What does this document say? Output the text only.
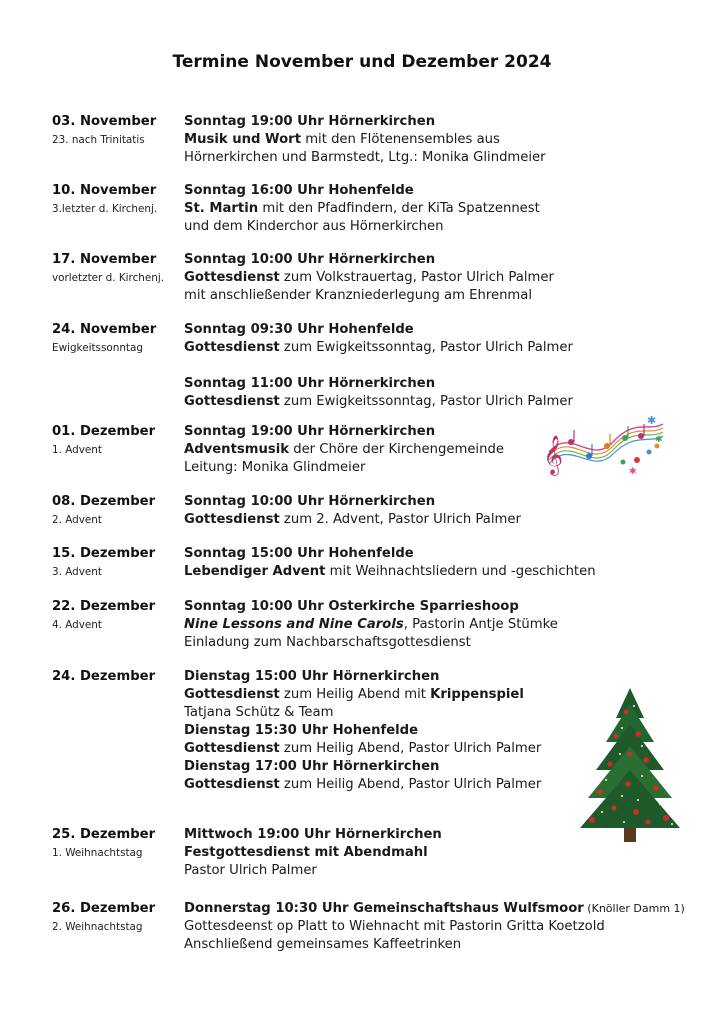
Termine November und Dezember 2024
03. November
23. nach Trinitatis
Sonntag 19:00 Uhr Hörnerkirchen
Musik und Wort mit den Flötenensembles aus
Hörnerkirchen und Barmstedt, Ltg.: Monika Glindmeier
10. November
3.letzter d. Kirchenj.
Sonntag 16:00 Uhr Hohenfelde
St. Martin mit den Pfadfindern, der KiTa Spatzennest
und dem Kinderchor aus Hörnerkirchen
17. November
vorletzter d. Kirchenj.
Sonntag 10:00 Uhr Hörnerkirchen
Gottesdienst zum Volkstrauertag, Pastor Ulrich Palmer
mit anschließender Kranzniederlegung am Ehrenmal
24. November
Ewigkeitssonntag
Sonntag 09:30 Uhr Hohenfelde
Gottesdienst zum Ewigkeitssonntag, Pastor Ulrich Palmer

Sonntag 11:00 Uhr Hörnerkirchen
Gottesdienst zum Ewigkeitssonntag, Pastor Ulrich Palmer
01. Dezember
1. Advent
Sonntag 19:00 Uhr Hörnerkirchen
Adventsmusik der Chöre der Kirchengemeinde
Leitung: Monika Glindmeier
08. Dezember
2. Advent
Sonntag 10:00 Uhr Hörnerkirchen
Gottesdienst zum 2. Advent, Pastor Ulrich Palmer
15. Dezember
3. Advent
Sonntag 15:00 Uhr Hohenfelde
Lebendiger Advent mit Weihnachtsliedern und -geschichten
22. Dezember
4. Advent
Sonntag 10:00 Uhr Osterkirche Sparrieshoop
Nine Lessons and Nine Carols, Pastorin Antje Stümke
Einladung zum Nachbarschaftsgottesdienst
24. Dezember	Dienstag 15:00 Uhr Hörnerkirchen
Gottesdienst zum Heilig Abend mit Krippenspiel
Tatjana Schütz & Team
Dienstag 15:30 Uhr Hohenfelde
Gottesdienst zum Heilig Abend, Pastor Ulrich Palmer
Dienstag 17:00 Uhr Hörnerkirchen
Gottesdienst zum Heilig Abend, Pastor Ulrich Palmer
25. Dezember
1. Weihnachtstag
Mittwoch 19:00 Uhr Hörnerkirchen
Festgottesdienst mit Abendmahl
Pastor Ulrich Palmer
26. Dezember
2. Weihnachtstag
Donnerstag 10:30 Uhr Gemeinschaftshaus Wulfsmoor (Knöller Damm 1)
Gottesdeenst op Platt to Wiehnacht mit Pastorin Gritta Koetzold
Anschließend gemeinsames Kaffeetrinken
𝄞
✱
✱
✱
